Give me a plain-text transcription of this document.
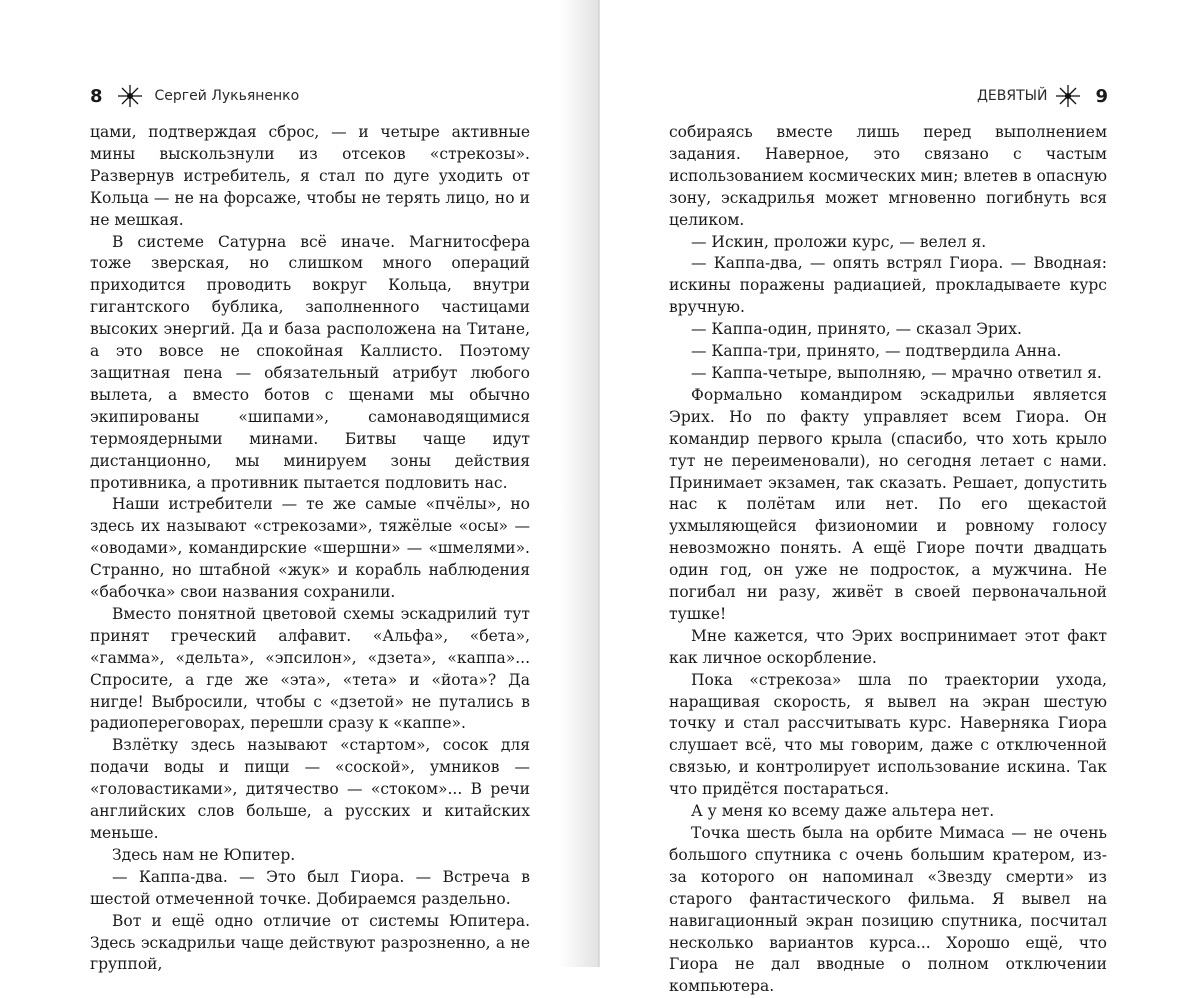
8	Сергей Лукьяненко

цами, подтверждая сброс, — и четыре активные мины выскользнули из отсеков «стрекозы». Развернув истребитель, я стал по дуге уходить от Кольца — не на форсаже, чтобы не терять лицо, но и не мешкая.

В системе Сатурна всё иначе. Магнитосфера тоже зверская, но слишком много операций приходится проводить вокруг Кольца, внутри гигантского бублика, заполненного частицами высоких энергий. Да и база расположена на Титане, а это вовсе не спокойная Каллисто. Поэтому защитная пена — обязательный атрибут любого вылета, а вместо ботов с щенами мы обычно экипированы «шипами», самонаводящимися термоядерными минами. Битвы чаще идут дистанционно, мы минируем зоны действия противника, а противник пытается подловить нас.

Наши истребители — те же самые «пчёлы», но здесь их называют «стрекозами», тяжёлые «осы» — «оводами», командирские «шершни» — «шмелями». Странно, но штабной «жук» и корабль наблюдения «бабочка» свои названия сохранили.

Вместо понятной цветовой схемы эскадрилий тут принят греческий алфавит. «Альфа», «бета», «гамма», «дельта», «эпсилон», «дзета», «каппа»... Спросите, а где же «эта», «тета» и «йота»? Да нигде! Выбросили, чтобы с «дзетой» не путались в радиопереговорах, перешли сразу к «каппе».

Взлётку здесь называют «стартом», сосок для подачи воды и пищи — «соской», умников — «головастиками», дитячество — «стоком»... В речи английских слов больше, а русских и китайских меньше.

Здесь нам не Юпитер.

— Каппа-два. — Это был Гиора. — Встреча в шестой отмеченной точке. Добираемся раздельно.

Вот и ещё одно отличие от системы Юпитера. Здесь эскадрильи чаще действуют разрозненно, а не группой,

ДЕВЯТЫЙ	9

собираясь вместе лишь перед выполнением задания. Наверное, это связано с частым использованием космических мин; влетев в опасную зону, эскадрилья может мгновенно погибнуть вся целиком.

— Искин, проложи курс, — велел я.

— Каппа-два, — опять встрял Гиора. — Вводная: искины поражены радиацией, прокладываете курс вручную.

— Каппа-один, принято, — сказал Эрих.

— Каппа-три, принято, — подтвердила Анна.

— Каппа-четыре, выполняю, — мрачно ответил я.

Формально командиром эскадрильи является Эрих. Но по факту управляет всем Гиора. Он командир первого крыла (спасибо, что хоть крыло тут не переименовали), но сегодня летает с нами. Принимает экзамен, так сказать. Решает, допустить нас к полётам или нет. По его щекастой ухмыляющейся физиономии и ровному голосу невозможно понять. А ещё Гиоре почти двадцать один год, он уже не подросток, а мужчина. Не погибал ни разу, живёт в своей первоначальной тушке!

Мне кажется, что Эрих воспринимает этот факт как личное оскорбление.

Пока «стрекоза» шла по траектории ухода, наращивая скорость, я вывел на экран шестую точку и стал рассчитывать курс. Наверняка Гиора слушает всё, что мы говорим, даже с отключенной связью, и контролирует использование искина. Так что придётся постараться.

А у меня ко всему даже альтера нет.

Точка шесть была на орбите Мимаса — не очень большого спутника с очень большим кратером, из-за которого он напоминал «Звезду смерти» из старого фантастического фильма. Я вывел на навигационный экран позицию спутника, посчитал несколько вариантов курса... Хорошо ещё, что Гиора не дал вводные о полном отключении компьютера.
